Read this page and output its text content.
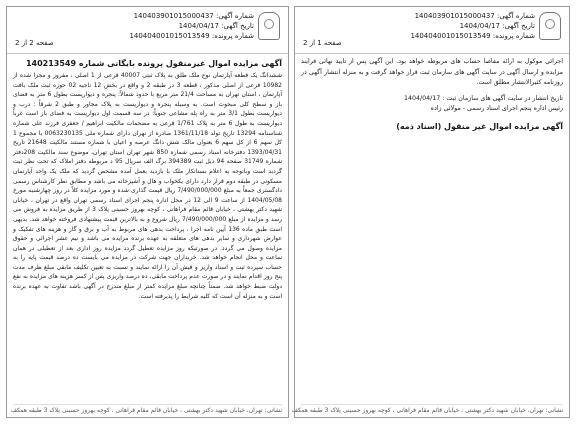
شماره آگهی: 140403901015000437
تاریخ آگهی: 1404/04/17
شماره پرونده: 140404001015013549
صفحه 1 از 2

اجرائی موکول به ارائه مفاصا حساب های مربوطه خواهد بود. این آگهی پس از تایید نهائی فرایند مزایده و ارسال آگهی در سایت آگهی های سازمان ثبت قرار خواهد گرفت و به منزله انتشار آگهی در روزنامه کثیرالانتشار مطلق است.

تاریخ انتشار در سایت آگهی های سازمان ثبت : 1404/04/17

رئیس اداره پنجم اجرای اسناد رسمی - مولائی زاده

آگهی مزایده اموال غیر منقول (اسناد ذمه)
نشانی: تهران، خیابان شهید دکتر بهشتی ، خیابان قائم مقام فراهانی ، کوچه بهروز حسینی پلاک 3 طبقه همکف
شماره آگهی: 140403901015000437
تاریخ آگهی: 1404/04/17
شماره پرونده: 140404001015013549
صفحه 2 از 2
آگهی مزایده اموال غیرمنقول پرونده بایگانی شماره 140213549

ششدانگ یک قطعه آپارتمان نوع ملک طلق به پلاک ثبتی 40007 فرعی از 1 اصلی ، مفروز و مجزا شده از 10982 فرعی از اصلی مذکور ، قطعه 3 در طبقه 2 و واقع در بخش 12 ناحیه 02 حوزه ثبت ملک بافت آپارتمان ، استان تهران به مساحت 21/4 متر مربع با حدود شمالاً: پنجره و دیواریست بطول 6 متر به فضای باز و سطح کلی مبحوث است. به وسیله پنجره و دیواریست به پلاک مجاور و طبق 2 شرقاً : درب و دیواریست بطول 3/1 متر به راه پله مشاعی جنوباً: در سه قسمت اول دیواریست به فضای باز است غرباً دیواریست به طول 6 متر به پلاک 1/761 فرعی به مضحمات مالکیت ابراهیم / جعفری فرزند علی شماره شناسنامه 13294 تاریخ تولد 1361/11/18 صادره از تهران دارای شماره ملی 0063230135 با مجموع 1 کل سهم 6 از کل سهم 6 بعنوان مالک شش دانگ عرصه و اعیان با شماره مستند مالکیت 21648 تاریخ 1393/04/31 دفترخانه اسناد رسمی شماره 850 شهر تهران استان تهران، موضوع سند مالکیت 208دفتر شماره 31749 صفحه 94 ذیل ثبت 394389 برگ الف سریال 95 د مربوطه دفتر املاک که تحت نظر ثبت گردید است وبانوجه به اعلام بستانکار ملک با بازدید بعمل آمده مشخص گردید که ملک یک واحد آپارتمان مسکونی در طبقه دوم قرار دارد دارای یکخواب و هال و آشپزخانه می باشد و مطابق نظر کارشناس رسمی دادگستری جمعاً به مبلغ 7/490/000/000 ریال قیمت گذاری شده و مورد مزایده کلاً در روز چهارشنبه مورخ 1404/05/08 از ساعت 9 الی 12 در محل اداره پنجم اجرای اسناد رسمی تهران واقع در تهران ، خیابان شهید دکتر بهشتی ، خیابان قائم مقام فراهانی ، کوچه بهروز حسینی پلاک 3 از طریق مزایده به فروش می رسد و مزایده از مبلغ 7/490/000/000 ریال شروع و به بالاترین قیمت پیشنهادی فروخته خواهد شد. بدیهی است طبق ماده 136 آیین نامه اجرا ، پرداخت بدهی های مربوط به آب و برق و گاز و هزینه های تفکیک و عوارض شهرداری و سایر بدهی های متعلقه به عهده برنده مزایده می باشد و نیم عشر اجرائی و حقوق مزایده وصول می گردد. در صورتیکه روز مزایده تعطیل گردد مزایده روز اداری بعد از تعطیلی در همان ساعت و محل انجام خواهد شد. خریداران جهت شرکت در مزایده می بایست ده درصد قیمت پایه را به حساب سپرده ثبت و اسناد واریز و فیش آن را ارائه نمایند و نسبت به تعیین تکلیف مابقی مبلغ ظرف مدت پنج روز اقدام نمایند و در صورت عدم پرداخت مابقی، ده درصد واریزی پس از کسر هزینه های مزایده به نفع دولت ضبط خواهد شد. ضمناً چنانچه مبلغ مزایده کمتر از مبلغ مندرج در آگهی باشد تفاوت به عهده برنده است و به منزله آن است که کلیه شرایط را پذیرفته است.

نشانی: تهران، خیابان شهید دکتر بهشتی ، خیابان قائم مقام فراهانی ، کوچه بهروز حسینی پلاک 3 طبقه همکف
